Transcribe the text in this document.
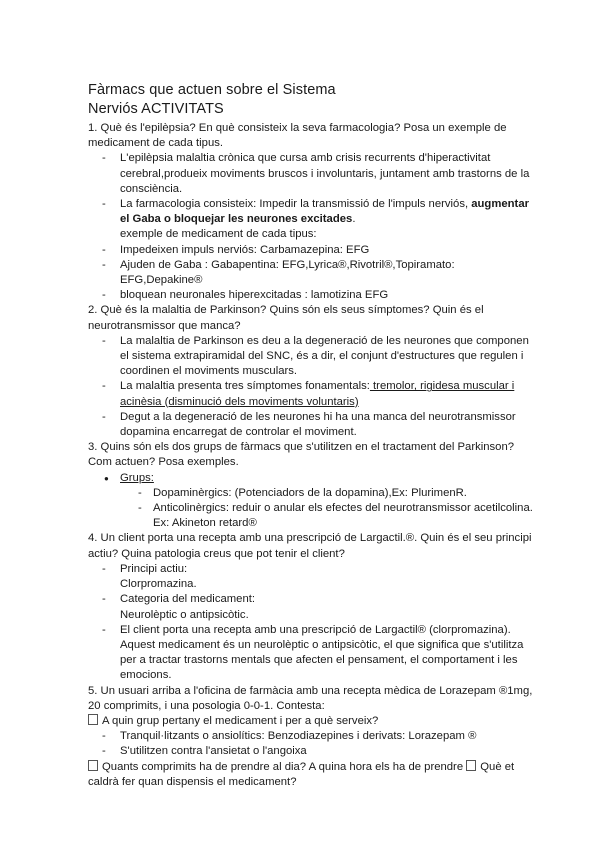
Fàrmacs que actuen sobre el Sistema
Nerviós ACTIVITATS

1. Què és l'epilèpsia? En què consisteix la seva farmacologia? Posa un exemple de medicament de cada tipus.

- L'epilèpsia malaltia crònica que cursa amb crisis recurrents d'hiperactivitat cerebral,produeix moviments bruscos i involuntaris, juntament amb trastorns de la consciència.
- La farmacologia consisteix: Impedir la transmissió de l'impuls nerviós, augmentar el Gaba o bloquejar les neurones excitades.
exemple de medicament de cada tipus:
- Impedeixen impuls nerviós: Carbamazepina: EFG
- Ajuden de Gaba : Gabapentina: EFG,Lyrica®,Rivotril®,Topiramato: EFG,Depakine®
- bloquean neuronales hiperexcitadas : lamotizina EFG

2. Què és la malaltia de Parkinson? Quins són els seus símptomes? Quin és el neurotransmissor que manca?

- La malaltia de Parkinson es deu a la degeneració de les neurones que componen el sistema extrapiramidal del SNC, és a dir, el conjunt d'estructures que regulen i coordinen el moviments musculars.
- La malaltia presenta tres símptomes fonamentals: tremolor, rigidesa muscular i acinèsia (disminució dels moviments voluntaris)
- Degut a la degeneració de les neurones hi ha una manca del neurotransmissor dopamina encarregat de controlar el moviment.

3. Quins són els dos grups de fàrmacs que s'utilitzen en el tractament del Parkinson? Com actuen? Posa exemples.

● Grups:
- Dopaminèrgics: (Potenciadors de la dopamina),Ex: PlurimenR.
- Anticolinèrgics: reduir o anular els efectes del neurotransmissor acetilcolina.
Ex: Akineton retard®

4. Un client porta una recepta amb una prescripció de Largactil.®. Quin és el seu principi actiu? Quina patologia creus que pot tenir el client?

- Principi actiu:
Clorpromazina.
- Categoria del medicament:
Neurolèptic o antipsicòtic.
- El client porta una recepta amb una prescripció de Largactil® (clorpromazina). Aquest medicament és un neurolèptic o antipsicòtic, el que significa que s'utilitza per a tractar trastorns mentals que afecten el pensament, el comportament i les emocions.

5. Un usuari arriba a l'oficina de farmàcia amb una recepta mèdica de Lorazepam ®1mg, 20 comprimits, i una posologia 0-0-1. Contesta:

A quin grup pertany el medicament i per a què serveix?
- Tranquil·litzants o ansiolítics: Benzodiazepines i derivats: Lorazepam ®
- S'utilitzen contra l'ansietat o l'angoixa
Quants comprimits ha de prendre al dia? A quina hora els ha de prendre Què et caldrà fer quan dispensis el medicament?
